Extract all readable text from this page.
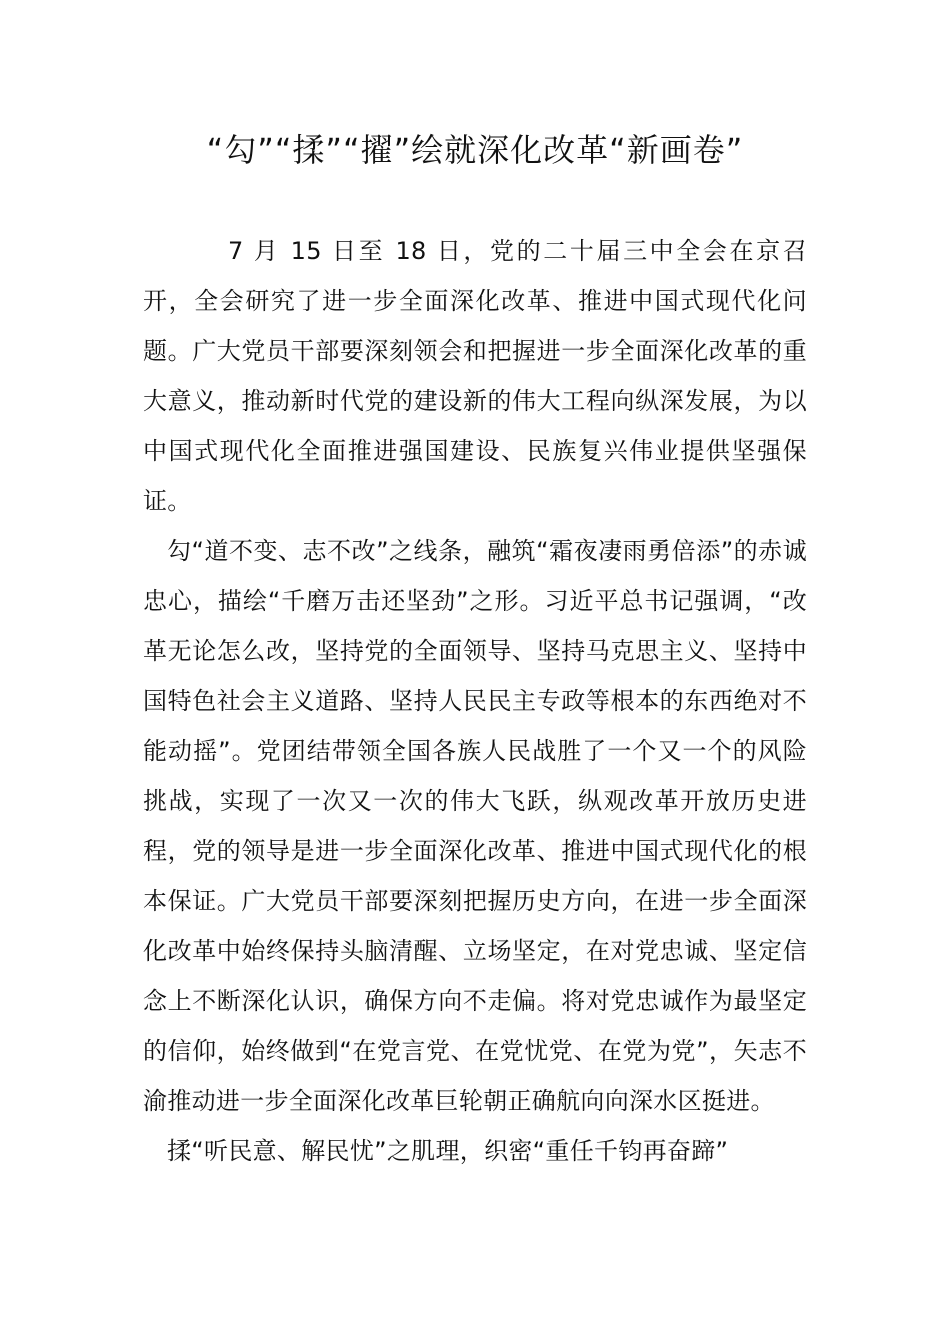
“勾”“揉”“擢”绘就深化改革“新画卷”

7 月 15 日至 18 日，党的二十届三中全会在京召开，全会研究了进一步全面深化改革、推进中国式现代化问题。广大党员干部要深刻领会和把握进一步全面深化改革的重大意义，推动新时代党的建设新的伟大工程向纵深发展，为以中国式现代化全面推进强国建设、民族复兴伟业提供坚强保证。

勾“道不变、志不改”之线条，融筑“霜夜凄雨勇倍添”的赤诚忠心，描绘“千磨万击还坚劲”之形。习近平总书记强调，“改革无论怎么改，坚持党的全面领导、坚持马克思主义、坚持中国特色社会主义道路、坚持人民民主专政等根本的东西绝对不能动摇”。党团结带领全国各族人民战胜了一个又一个的风险挑战，实现了一次又一次的伟大飞跃，纵观改革开放历史进程，党的领导是进一步全面深化改革、推进中国式现代化的根本保证。广大党员干部要深刻把握历史方向，在进一步全面深化改革中始终保持头脑清醒、立场坚定，在对党忠诚、坚定信念上不断深化认识，确保方向不走偏。将对党忠诚作为最坚定的信仰，始终做到“在党言党、在党忧党、在党为党”，矢志不渝推动进一步全面深化改革巨轮朝正确航向向深水区挺进。

揉“听民意、解民忧”之肌理，织密“重任千钧再奋蹄”
